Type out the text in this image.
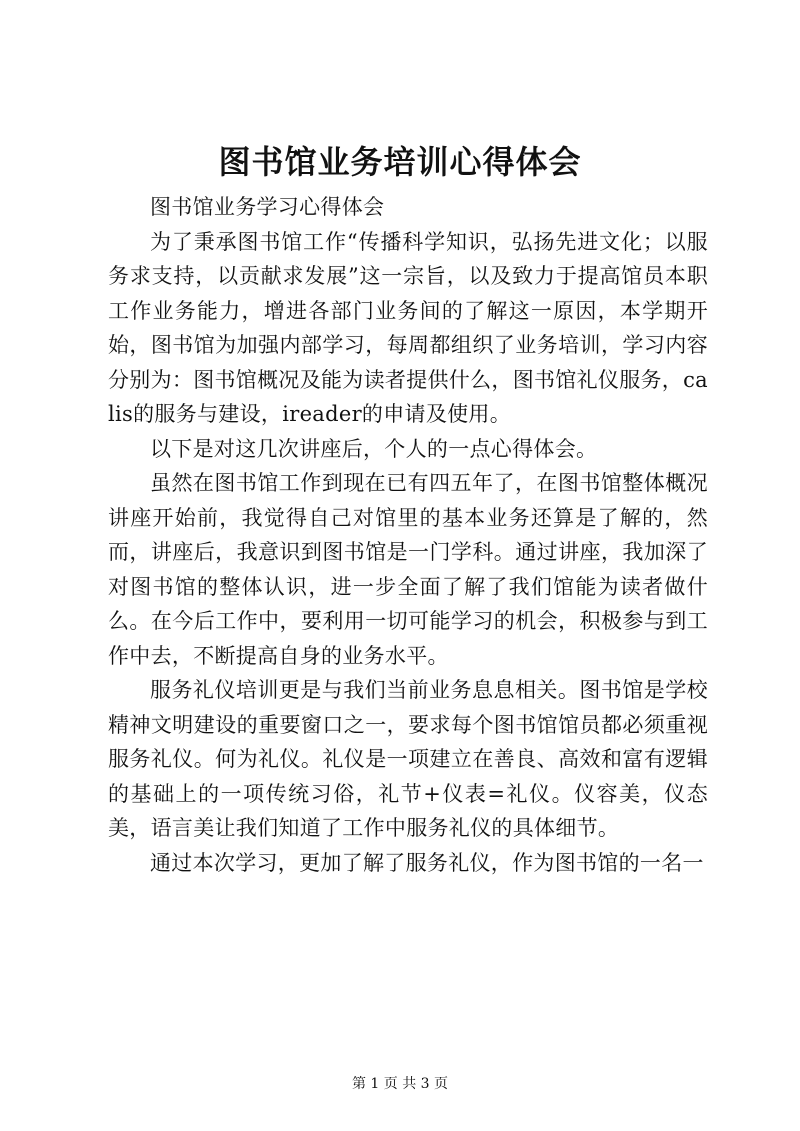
图书馆业务培训心得体会

图书馆业务学习心得体会

为了秉承图书馆工作“传播科学知识，弘扬先进文化；以服务求支持，以贡献求发展”这一宗旨，以及致力于提高馆员本职工作业务能力，增进各部门业务间的了解这一原因，本学期开始，图书馆为加强内部学习，每周都组织了业务培训，学习内容分别为：图书馆概况及能为读者提供什么，图书馆礼仪服务，calis的服务与建设，ireader的申请及使用。

以下是对这几次讲座后，个人的一点心得体会。

虽然在图书馆工作到现在已有四五年了，在图书馆整体概况讲座开始前，我觉得自己对馆里的基本业务还算是了解的，然而，讲座后，我意识到图书馆是一门学科。通过讲座，我加深了对图书馆的整体认识，进一步全面了解了我们馆能为读者做什么。在今后工作中，要利用一切可能学习的机会，积极参与到工作中去，不断提高自身的业务水平。

服务礼仪培训更是与我们当前业务息息相关。图书馆是学校精神文明建设的重要窗口之一，要求每个图书馆馆员都必须重视服务礼仪。何为礼仪。礼仪是一项建立在善良、高效和富有逻辑的基础上的一项传统习俗，礼节+仪表=礼仪。仪容美，仪态美，语言美让我们知道了工作中服务礼仪的具体细节。

通过本次学习，更加了解了服务礼仪，作为图书馆的一名一

第 1 页 共 3 页
